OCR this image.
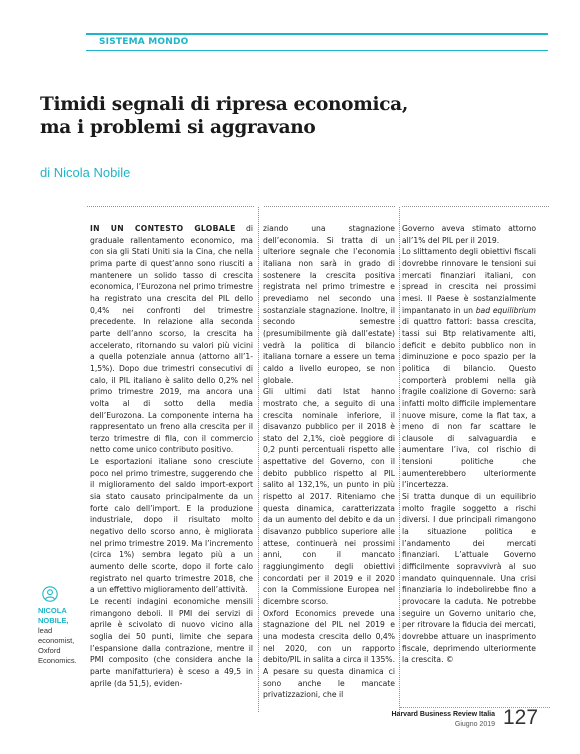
SISTEMA MONDO
Timidi segnali di ripresa economica,
ma i problemi si aggravano
di Nicola Nobile

IN UN CONTESTO GLOBALE di graduale rallentamento economico, ma con sia gli Stati Uniti sia la Cina, che nella prima parte di quest’anno sono riusciti a mantenere un solido tasso di crescita economica, l’Eurozona nel primo trimestre ha registrato una crescita del PIL dello 0,4% nei confronti del trimestre precedente. In relazione alla seconda parte dell’anno scorso, la crescita ha accelerato, ritornando su valori più vicini a quella potenziale annua (attorno all’1-1,5%). Dopo due trimestri consecutivi di calo, il PIL italiano è salito dello 0,2% nel primo trimestre 2019, ma ancora una volta al di sotto della media dell’Eurozona. La componente interna ha rappresentato un freno alla crescita per il terzo trimestre di fila, con il commercio netto come unico contributo positivo.

Le esportazioni italiane sono cresciute poco nel primo trimestre, suggerendo che il miglioramento del saldo import-export sia stato causato principalmente da un forte calo dell’import. E la produzione industriale, dopo il risultato molto negativo dello scorso anno, è migliorata nel primo trimestre 2019. Ma l’incremento (circa 1%) sembra legato più a un aumento delle scorte, dopo il forte calo registrato nel quarto trimestre 2018, che a un effettivo miglioramento dell’attività.

Le recenti indagini economiche mensili rimangono deboli. Il PMI dei servizi di aprile è scivolato di nuovo vicino alla soglia dei 50 punti, limite che separa l’espansione dalla contrazione, mentre il PMI composito (che considera anche la parte manifatturiera) è sceso a 49,5 in aprile (da 51,5), eviden-

ziando una stagnazione dell’economia. Si tratta di un ulteriore segnale che l’economia italiana non sarà in grado di sostenere la crescita positiva registrata nel primo trimestre e prevediamo nel secondo una sostanziale stagnazione. Inoltre, il secondo semestre (presumibilmente già dall’estate) vedrà la politica di bilancio italiana tornare a essere un tema caldo a livello europeo, se non globale.

Gli ultimi dati Istat hanno mostrato che, a seguito di una crescita nominale inferiore, il disavanzo pubblico per il 2018 è stato del 2,1%, cioè peggiore di 0,2 punti percentuali rispetto alle aspettative del Governo, con il debito pubblico rispetto al PIL salito al 132,1%, un punto in più rispetto al 2017. Riteniamo che questa dinamica, caratterizzata da un aumento del debito e da un disavanzo pubblico superiore alle attese, continuerà nei prossimi anni, con il mancato raggiungimento degli obiettivi concordati per il 2019 e il 2020 con la Commissione Europea nel dicembre scorso.

Oxford Economics prevede una stagnazione del PIL nel 2019 e una modesta crescita dello 0,4% nel 2020, con un rapporto debito/PIL in salita a circa il 135%. A pesare su questa dinamica ci sono anche le mancate privatizzazioni, che il

Governo aveva stimato attorno all’1% del PIL per il 2019.

Lo slittamento degli obiettivi fiscali dovrebbe rinnovare le tensioni sui mercati finanziari italiani, con spread in crescita nei prossimi mesi. Il Paese è sostanzialmente impantanato in un bad equilibrium di quattro fattori: bassa crescita, tassi sui Btp relativamente alti, deficit e debito pubblico non in diminuzione e poco spazio per la politica di bilancio. Questo comporterà problemi nella già fragile coalizione di Governo: sarà infatti molto difficile implementare nuove misure, come la flat tax, a meno di non far scattare le clausole di salvaguardia e aumentare l’iva, col rischio di tensioni politiche che aumenterebbero ulteriormente l’incertezza.

Si tratta dunque di un equilibrio molto fragile soggetto a rischi diversi. I due principali rimangono la situazione politica e l’andamento dei mercati finanziari. L’attuale Governo difficilmente sopravvivrà al suo mandato quinquennale. Una crisi finanziaria lo indebolirebbe fino a provocare la caduta. Ne potrebbe seguire un Governo unitario che, per ritrovare la fiducia dei mercati, dovrebbe attuare un inasprimento fiscale, deprimendo ulteriormente la crescita. ©

NICOLA
NOBILE,
lead economist, Oxford Economics.
Harvard Business Review Italia
Giugno 2019 127
